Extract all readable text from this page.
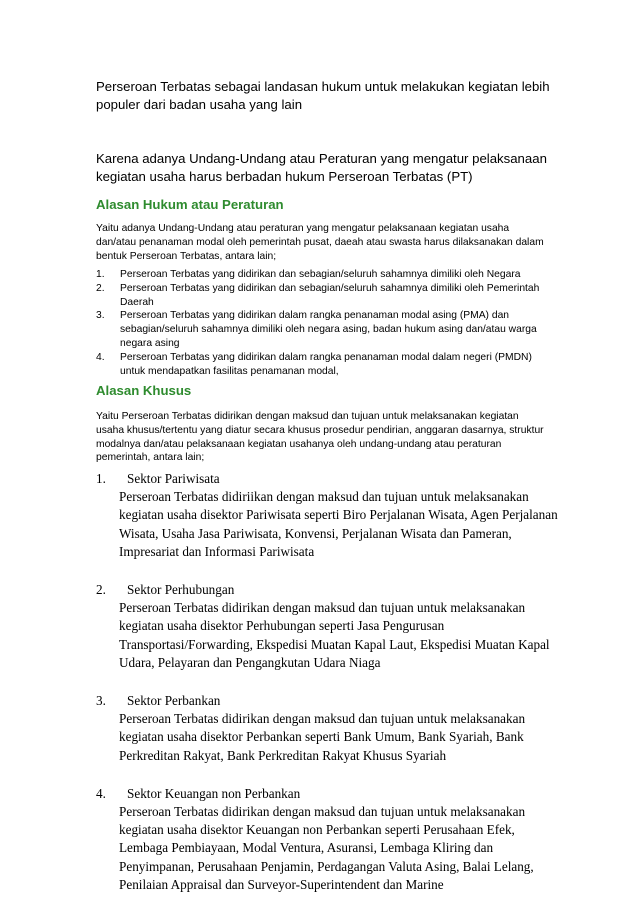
Perseroan Terbatas sebagai landasan hukum untuk melakukan kegiatan lebih populer dari badan usaha yang lain

Karena adanya Undang-Undang atau Peraturan yang mengatur pelaksanaan kegiatan usaha harus berbadan hukum Perseroan Terbatas (PT)

Alasan Hukum atau Peraturan

Yaitu adanya Undang-Undang atau peraturan yang mengatur pelaksanaan kegiatan usaha dan/atau penanaman modal oleh pemerintah pusat, daeah atau swasta harus dilaksanakan dalam bentuk Perseroan Terbatas, antara lain;

1. Perseroan Terbatas yang didirikan dan sebagian/seluruh sahamnya dimiliki oleh Negara
2. Perseroan Terbatas yang didirikan dan sebagian/seluruh sahamnya dimiliki oleh Pemerintah Daerah
3. Perseroan Terbatas yang didirikan dalam rangka penanaman modal asing (PMA) dan sebagian/seluruh sahamnya dimiliki oleh negara asing, badan hukum asing dan/atau warga negara asing
4. Perseroan Terbatas yang didirikan dalam rangka penanaman modal dalam negeri (PMDN) untuk mendapatkan fasilitas penamanan modal,
Alasan Khusus

Yaitu Perseroan Terbatas didirikan dengan maksud dan tujuan untuk melaksanakan kegiatan usaha khusus/tertentu yang diatur secara khusus prosedur pendirian, anggaran dasarnya, struktur modalnya dan/atau pelaksanaan kegiatan usahanya oleh undang-undang atau peraturan pemerintah, antara lain;

1.	Sektor Pariwisata
Perseroan Terbatas didiriikan dengan maksud dan tujuan untuk melaksanakan kegiatan usaha disektor Pariwisata seperti Biro Perjalanan Wisata, Agen Perjalanan Wisata, Usaha Jasa Pariwisata, Konvensi, Perjalanan Wisata dan Pameran, Impresariat dan Informasi Pariwisata
2.	Sektor Perhubungan
Perseroan Terbatas didirikan dengan maksud dan tujuan untuk melaksanakan kegiatan usaha disektor Perhubungan seperti Jasa Pengurusan Transportasi/Forwarding, Ekspedisi Muatan Kapal Laut, Ekspedisi Muatan Kapal Udara, Pelayaran dan Pengangkutan Udara Niaga
3.	Sektor Perbankan
Perseroan Terbatas didirikan dengan maksud dan tujuan untuk melaksanakan kegiatan usaha disektor Perbankan seperti Bank Umum, Bank Syariah, Bank Perkreditan Rakyat, Bank Perkreditan Rakyat Khusus Syariah
4.	Sektor Keuangan non Perbankan
Perseroan Terbatas didirikan dengan maksud dan tujuan untuk melaksanakan kegiatan usaha disektor Keuangan non Perbankan seperti Perusahaan Efek, Lembaga Pembiayaan, Modal Ventura, Asuransi, Lembaga Kliring dan Penyimpanan, Perusahaan Penjamin, Perdagangan Valuta Asing, Balai Lelang, Penilaian Appraisal dan Surveyor-Superintendent dan Marine
